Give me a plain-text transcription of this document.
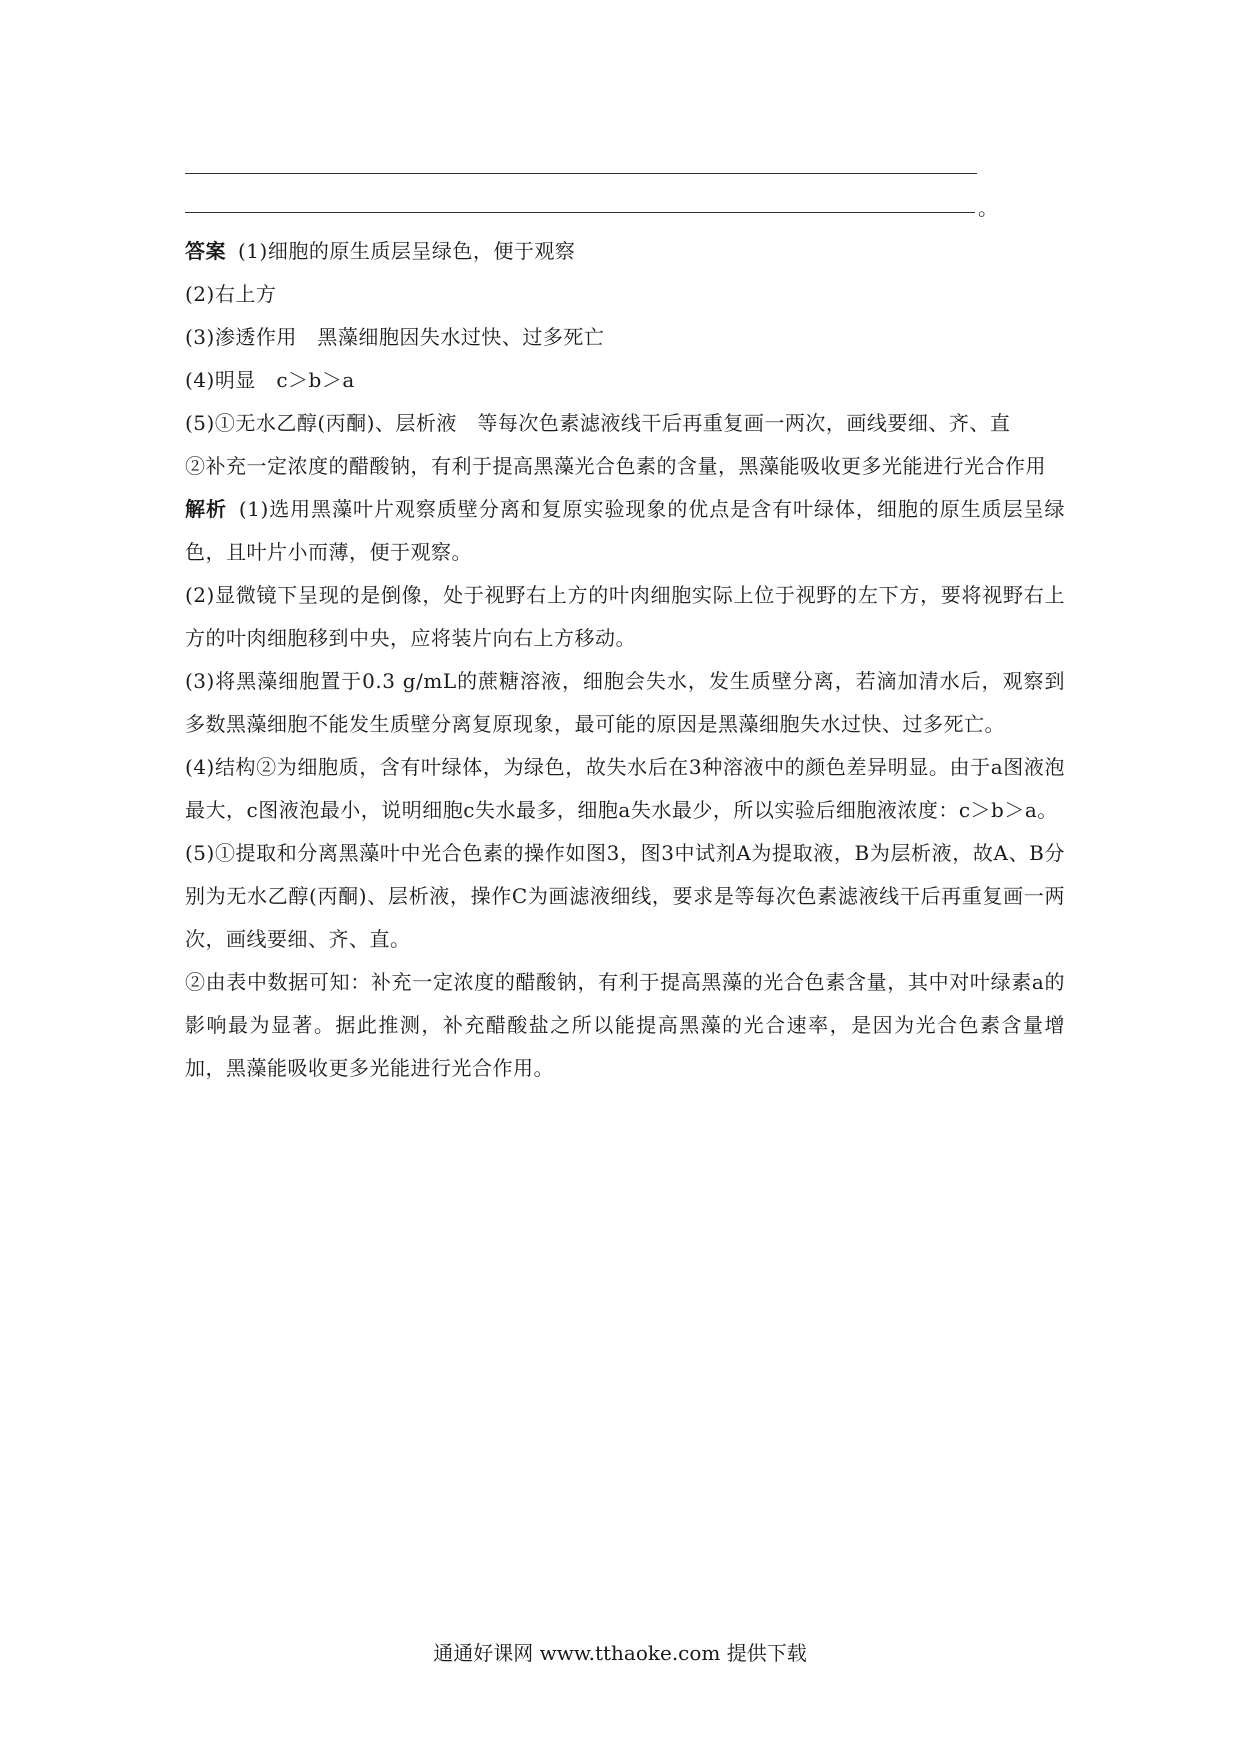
。

答案 (1)细胞的原生质层呈绿色，便于观察

(2)右上方

(3)渗透作用　黑藻细胞因失水过快、过多死亡

(4)明显　c＞b＞a

(5)①无水乙醇(丙酮)、层析液　等每次色素滤液线干后再重复画一两次，画线要细、齐、直

②补充一定浓度的醋酸钠，有利于提高黑藻光合色素的含量，黑藻能吸收更多光能进行光合作用

解析 (1)选用黑藻叶片观察质壁分离和复原实验现象的优点是含有叶绿体，细胞的原生质层呈绿色，且叶片小而薄，便于观察。

(2)显微镜下呈现的是倒像，处于视野右上方的叶肉细胞实际上位于视野的左下方，要将视野右上方的叶肉细胞移到中央，应将装片向右上方移动。

(3)将黑藻细胞置于0.3 g/mL的蔗糖溶液，细胞会失水，发生质壁分离，若滴加清水后，观察到多数黑藻细胞不能发生质壁分离复原现象，最可能的原因是黑藻细胞失水过快、过多死亡。

(4)结构②为细胞质，含有叶绿体，为绿色，故失水后在3种溶液中的颜色差异明显。由于a图液泡最大，c图液泡最小，说明细胞c失水最多，细胞a失水最少，所以实验后细胞液浓度：c＞b＞a。

(5)①提取和分离黑藻叶中光合色素的操作如图3，图3中试剂A为提取液，B为层析液，故A、B分别为无水乙醇(丙酮)、层析液，操作C为画滤液细线，要求是等每次色素滤液线干后再重复画一两次，画线要细、齐、直。

②由表中数据可知：补充一定浓度的醋酸钠，有利于提高黑藻的光合色素含量，其中对叶绿素a的影响最为显著。据此推测，补充醋酸盐之所以能提高黑藻的光合速率，是因为光合色素含量增加，黑藻能吸收更多光能进行光合作用。

通通好课网 www.tthaoke.com 提供下载
